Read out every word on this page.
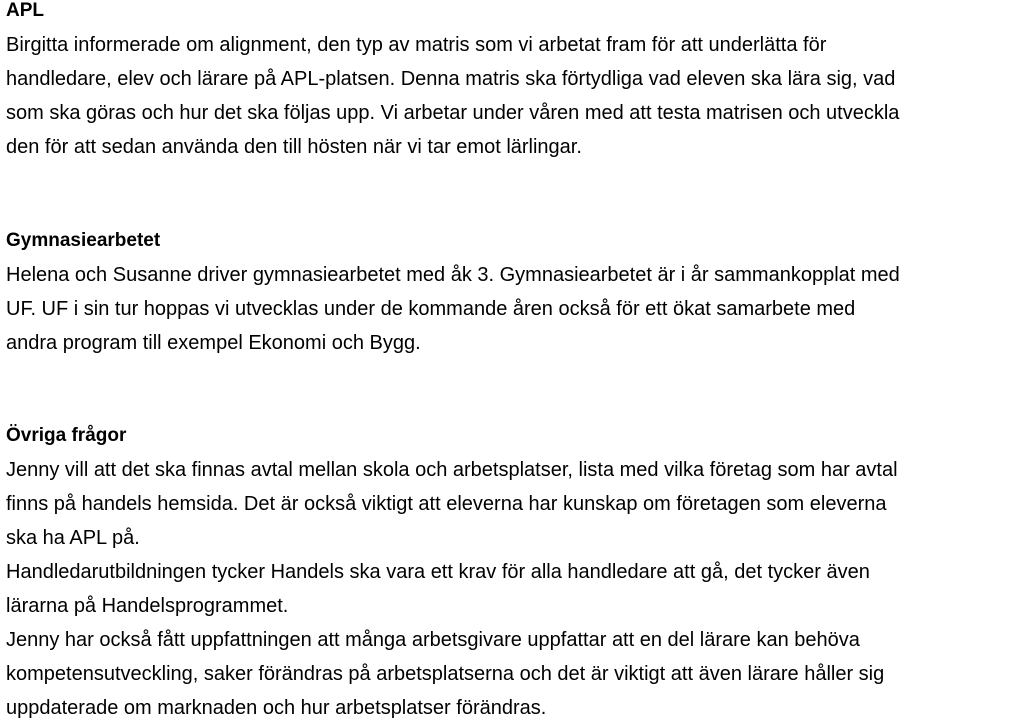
APL
Birgitta informerade om alignment, den typ av matris som vi arbetat fram för att underlätta för
handledare, elev och lärare på APL-platsen. Denna matris ska förtydliga vad eleven ska lära sig, vad
som ska göras och hur det ska följas upp. Vi arbetar under våren med att testa matrisen och utveckla
den för att sedan använda den till hösten när vi tar emot lärlingar.
Gymnasiearbetet
Helena och Susanne driver gymnasiearbetet med åk 3. Gymnasiearbetet är i år sammankopplat med
UF. UF i sin tur hoppas vi utvecklas under de kommande åren också för ett ökat samarbete med
andra program till exempel Ekonomi och Bygg.
Övriga frågor
Jenny vill att det ska finnas avtal mellan skola och arbetsplatser, lista med vilka företag som har avtal
finns på handels hemsida. Det är också viktigt att eleverna har kunskap om företagen som eleverna
ska ha APL på.
Handledarutbildningen tycker Handels ska vara ett krav för alla handledare att gå, det tycker även
lärarna på Handelsprogrammet.
Jenny har också fått uppfattningen att många arbetsgivare uppfattar att en del lärare kan behöva
kompetensutveckling, saker förändras på arbetsplatserna och det är viktigt att även lärare håller sig
uppdaterade om marknaden och hur arbetsplatser förändras.
